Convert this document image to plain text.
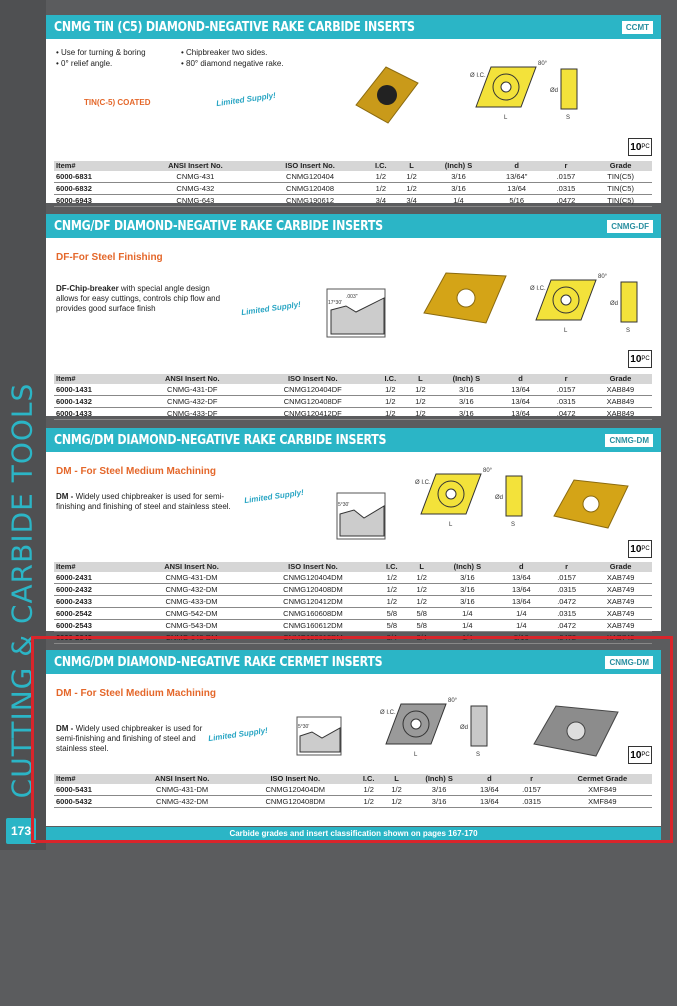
CUTTING & CARBIDE TOOLS
173
CNMG TiN (C5) DIAMOND-NEGATIVE RAKE CARBIDE INSERTS	CCMT
• Use for turning & boring
• 0° relief angle.
• Chipbreaker two sides.
• 80° diamond negative rake.
TIN(C-5) COATED	Limited Supply!
Ø I.C.
80°
Ød
L	S
10 PC
Item#	ANSI Insert No.	ISO Insert No.	I.C.	L	(Inch) S	d	r	Grade
6000-6831	CNMG-431	CNMG120404	1/2	1/2	3/16	13/64"	.0157	TIN(C5)
6000-6832	CNMG-432	CNMG120408	1/2	1/2	3/16	13/64	.0315	TIN(C5)
6000-6943	CNMG-643	CNMG190612	3/4	3/4	1/4	5/16	.0472	TIN(C5)
CNMG/DF DIAMOND-NEGATIVE RAKE CARBIDE INSERTS	CNMG-DF
DF-For Steel Finishing
DF-Chip-breaker with special angle design allows for easy cuttings, controls chip flow and provides good surface finish	Limited Supply!
.003"
17°30'
Ø I.C.
80°
Ød
L	S
10 PC
Item#	ANSI Insert No.	ISO Insert No.	I.C.	L	(Inch) S	d	r	Grade
6000-1431	CNMG-431-DF	CNMG120404DF	1/2	1/2	3/16	13/64	.0157	XAB849
6000-1432	CNMG-432-DF	CNMG120408DF	1/2	1/2	3/16	13/64	.0315	XAB849
6000-1433	CNMG-433-DF	CNMG120412DF	1/2	1/2	3/16	13/64	.0472	XAB849
CNMG/DM DIAMOND-NEGATIVE RAKE CARBIDE INSERTS	CNMG-DM
DM - For Steel Medium Machining
DM - Widely used chipbreaker is used for semi-finishing and finishing of steel and stainless steel.
Limited Supply!	5°30'
Ø I.C.
80°
Ød
L	S
10 PC
Item#	ANSI Insert No.	ISO Insert No.	I.C.	L	(Inch) S	d	r	Grade
6000-2431	CNMG-431-DM	CNMG120404DM	1/2	1/2	3/16	13/64	.0157	XAB749
6000-2432	CNMG-432-DM	CNMG120408DM	1/2	1/2	3/16	13/64	.0315	XAB749
6000-2433	CNMG-433-DM	CNMG120412DM	1/2	1/2	3/16	13/64	.0472	XAB749
6000-2542	CNMG-542-DM	CNMG160608DM	5/8	5/8	1/4	1/4	.0315	XAB749
6000-2543	CNMG-543-DM	CNMG160612DM	5/8	5/8	1/4	1/4	.0472	XAB749
6000-2643	CNMG-643-DM	CNMG190612DM	3/4	3/4	1/4	5/16	.0472	XAB749
CNMG/DM DIAMOND-NEGATIVE RAKE CERMET INSERTS	CNMG-DM
DM - For Steel Medium Machining
DM - Widely used chipbreaker is used for semi-finishing and finishing of steel and stainless steel.
Limited Supply!	5°30'
Ø I.C.
80°
Ød
L	S	10 PC
Item#	ANSI Insert No.	ISO Insert No.	I.C.	L	(Inch) S	d	r	Cermet Grade
6000-5431	CNMG-431-DM	CNMG120404DM	1/2	1/2	3/16	13/64	.0157	XMF849
6000-5432	CNMG-432-DM	CNMG120408DM	1/2	1/2	3/16	13/64	.0315	XMF849
Carbide grades and insert classification shown on pages 167-170
